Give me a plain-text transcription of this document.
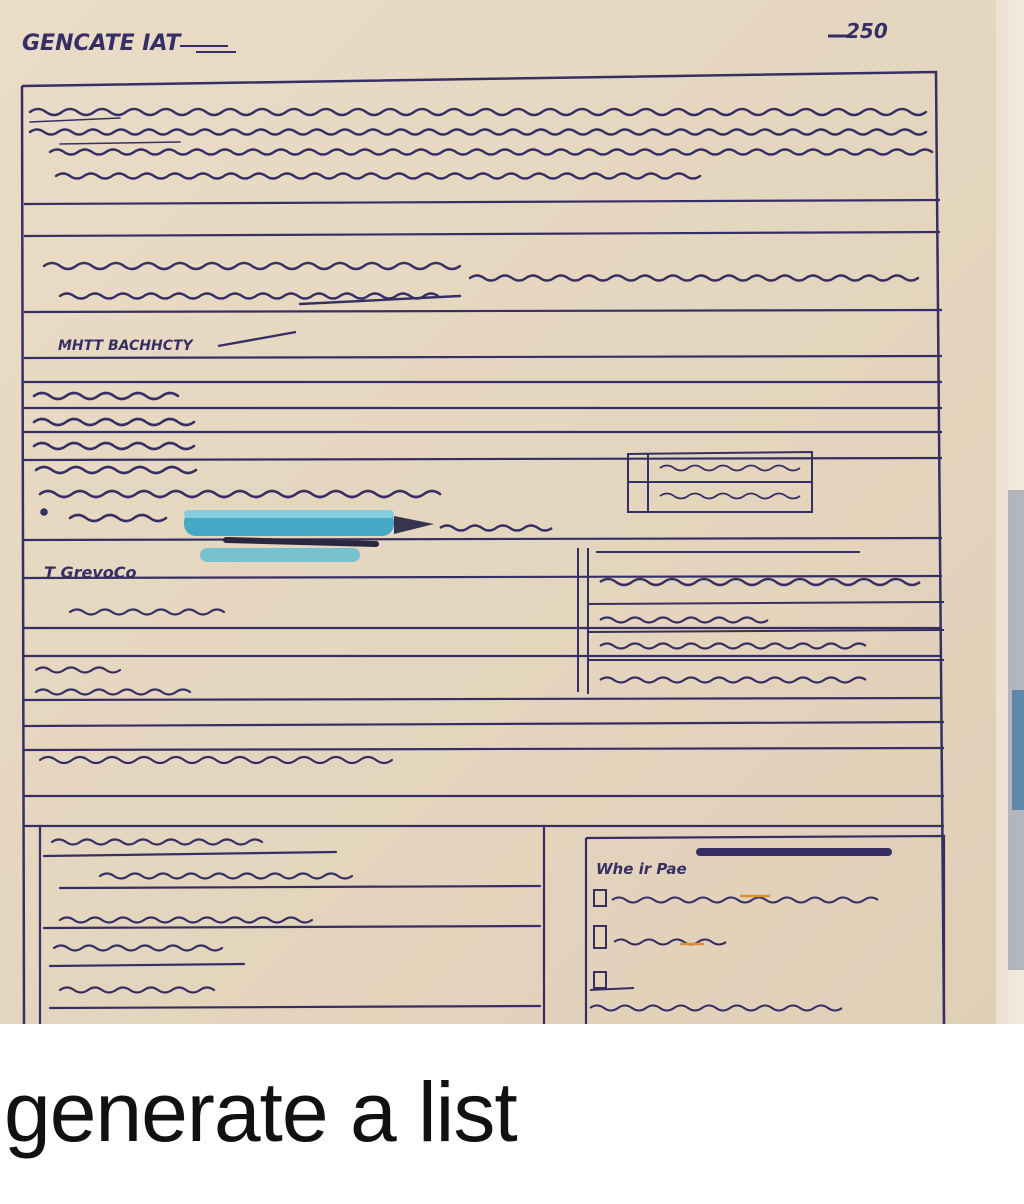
GENCATE IAT	250
MHTT BACHHCTY
T GrevoCo
Whe ir Pae

generate a list
